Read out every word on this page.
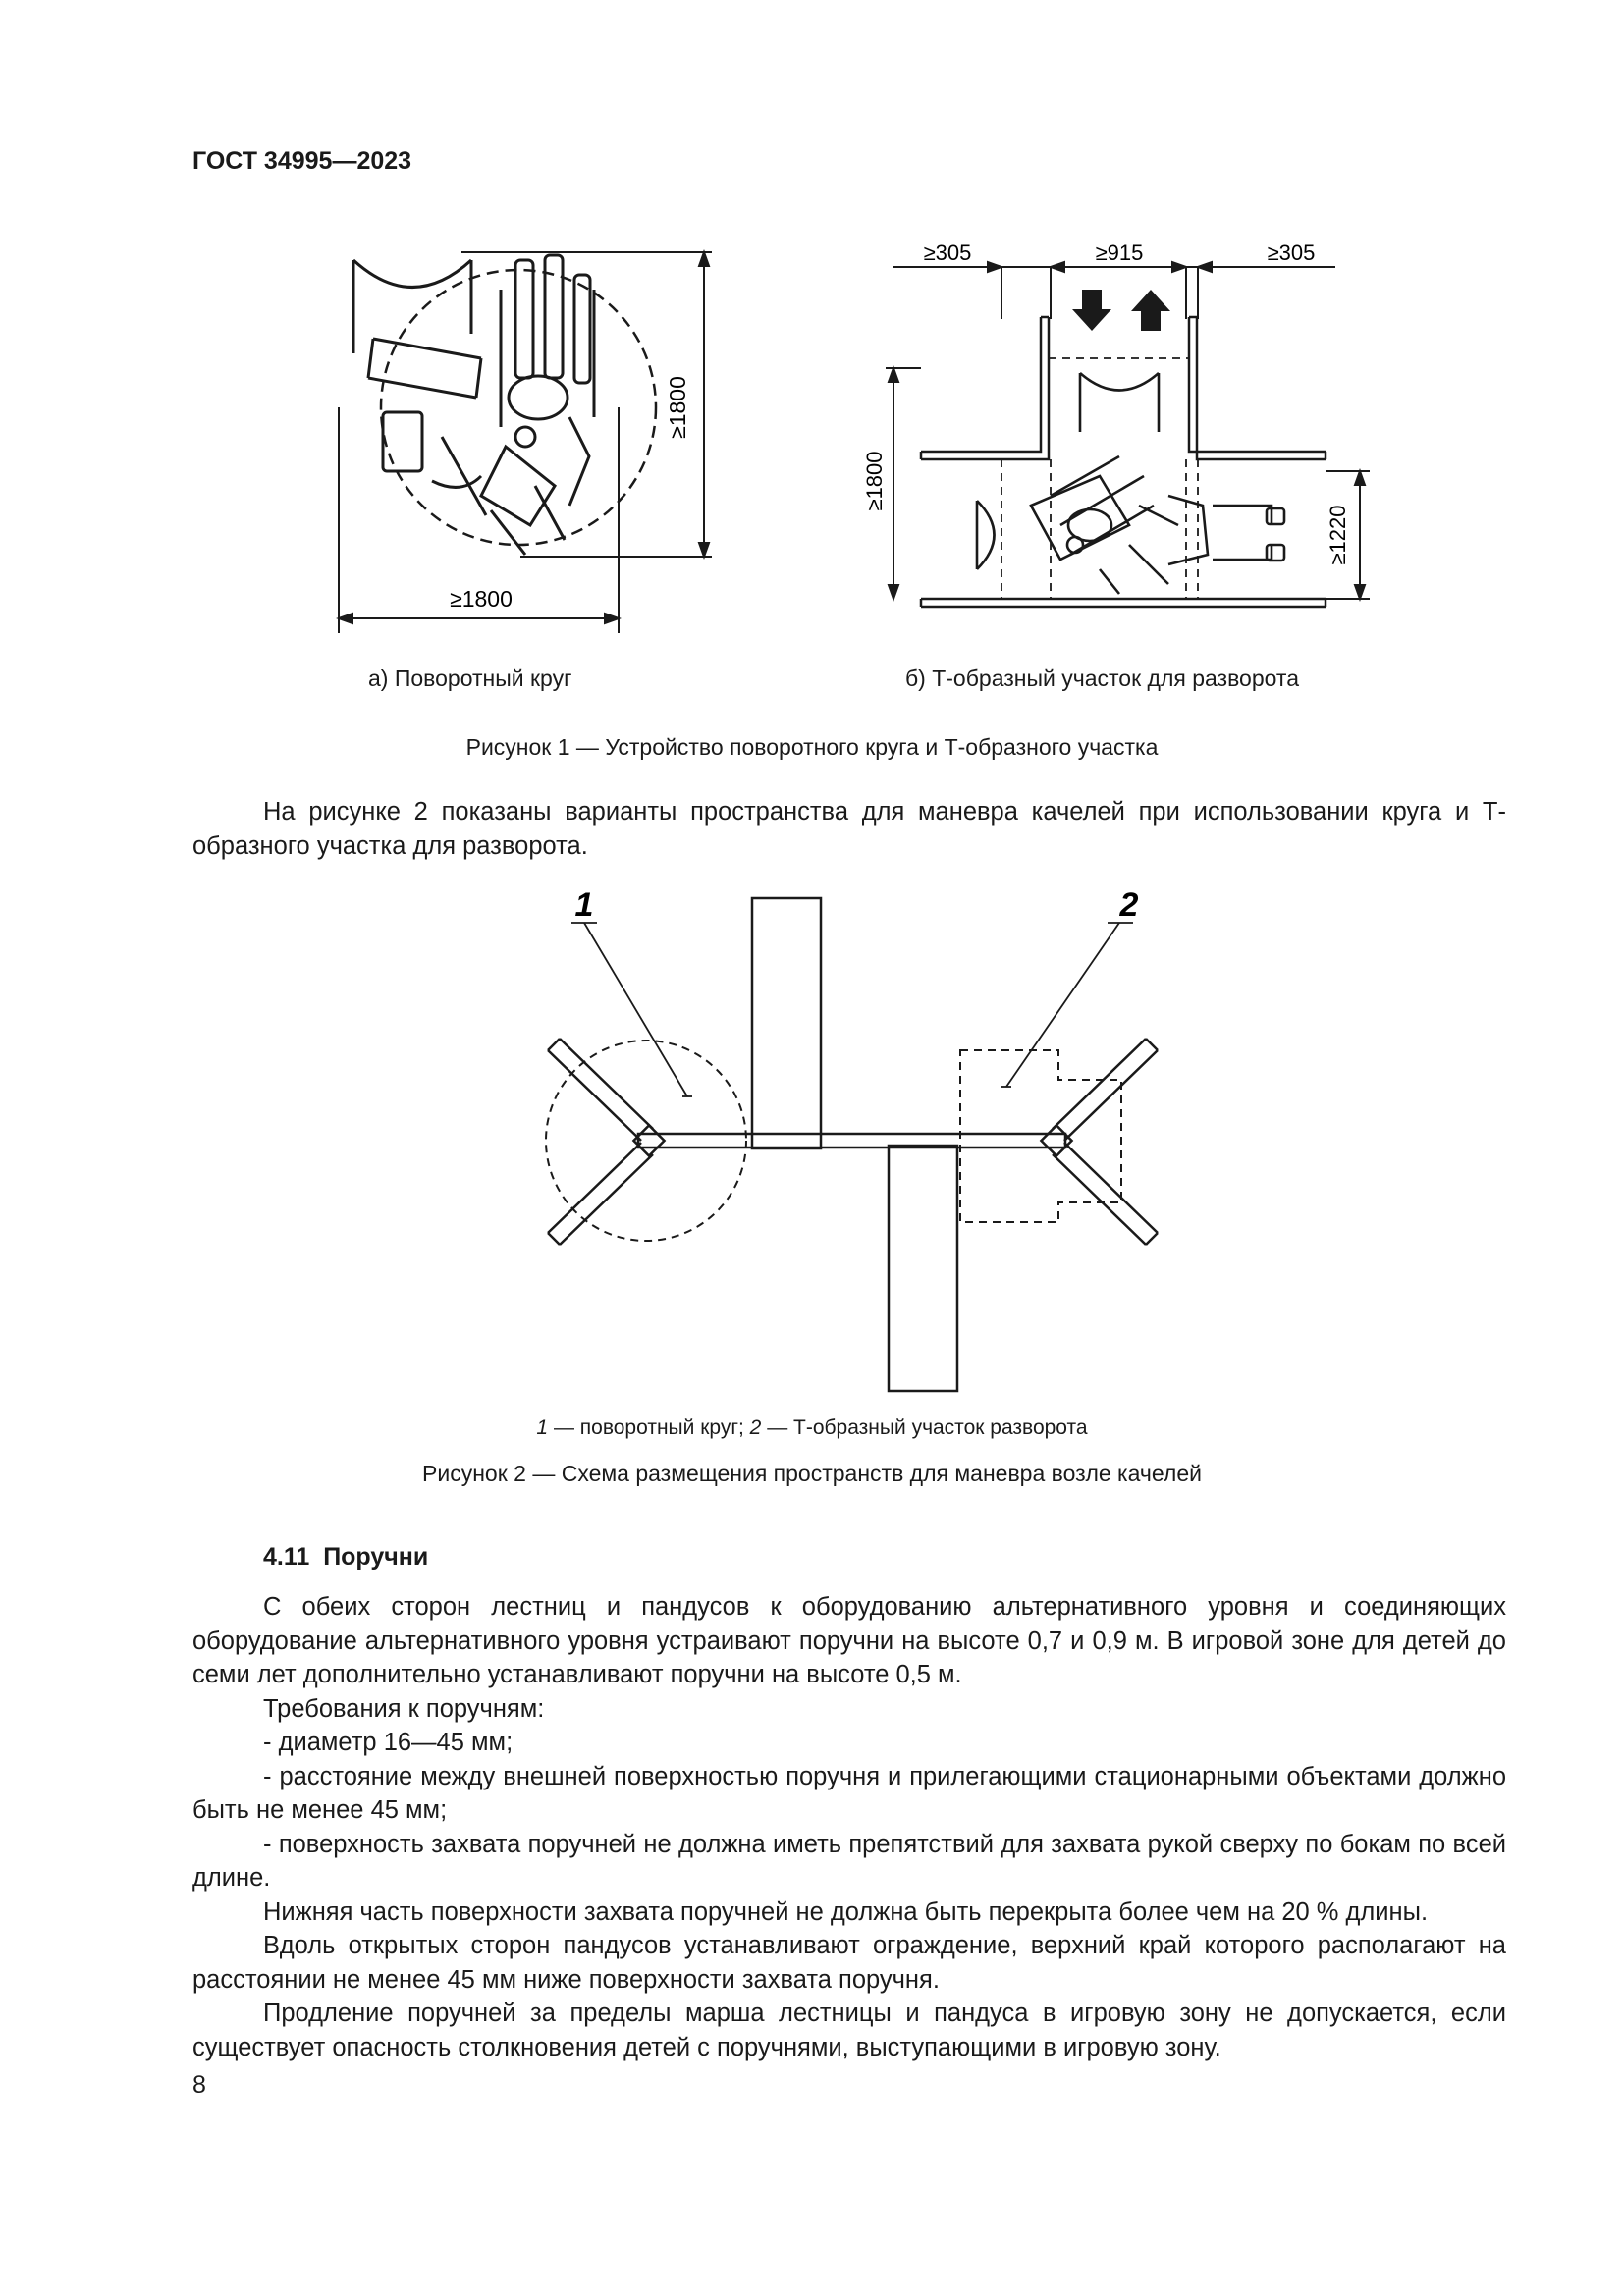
ГОСТ 34995—2023
≥1800
≥1800
≥305	≥915	≥305
≥1800
≥1220
а) Поворотный круг	б) Т-образный участок для разворота
Рисунок 1 — Устройство поворотного круга и Т-образного участка

На рисунке 2 показаны варианты пространства для маневра качелей при использовании круга и Т-образного участка для разворота.

1	2
1 — поворотный круг; 2 — Т-образный участок разворота
Рисунок 2 — Схема размещения пространств для маневра возле качелей
4.11 Поручни

С обеих сторон лестниц и пандусов к оборудованию альтернативного уровня и соединяющих оборудование альтернативного уровня устраивают поручни на высоте 0,7 и 0,9 м. В игровой зоне для детей до семи лет дополнительно устанавливают поручни на высоте 0,5 м.

Требования к поручням:

- диаметр 16—45 мм;

- расстояние между внешней поверхностью поручня и прилегающими стационарными объектами должно быть не менее 45 мм;

- поверхность захвата поручней не должна иметь препятствий для захвата рукой сверху по бокам по всей длине.

Нижняя часть поверхности захвата поручней не должна быть перекрыта более чем на 20 % длины.

Вдоль открытых сторон пандусов устанавливают ограждение, верхний край которого располагают на расстоянии не менее 45 мм ниже поверхности захвата поручня.

Продление поручней за пределы марша лестницы и пандуса в игровую зону не допускается, если существует опасность столкновения детей с поручнями, выступающими в игровую зону.

8
